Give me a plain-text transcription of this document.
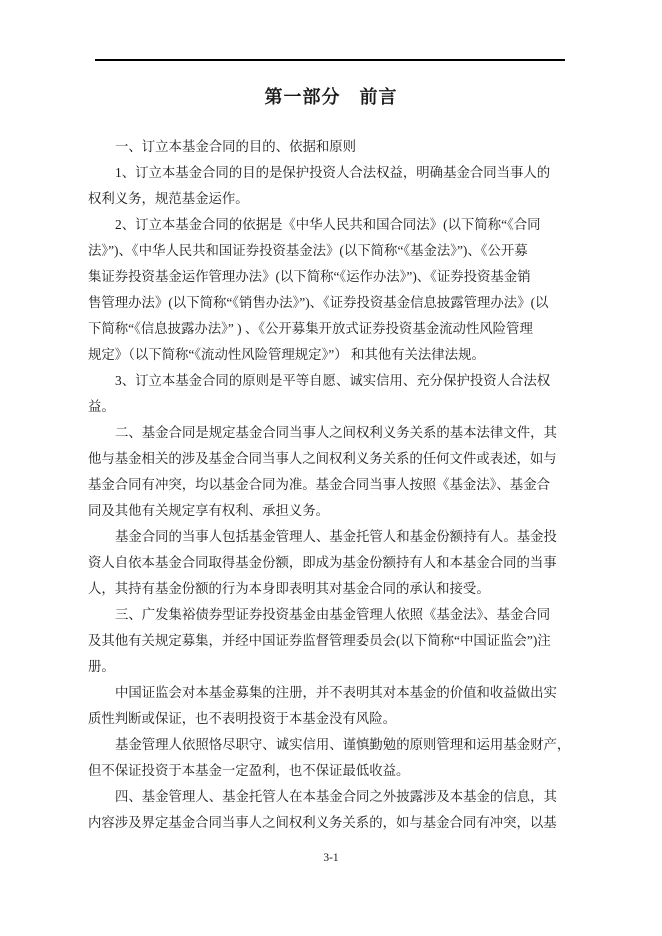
第一部分　前言
一、订立本基金合同的目的、依据和原则
1、订立本基金合同的目的是保护投资人合法权益，明确基金合同当事人的
权利义务，规范基金运作。
2、订立本基金合同的依据是《中华人民共和国合同法》(以下简称“《合同
法》”)、《中华人民共和国证券投资基金法》(以下简称“《基金法》”)、《公开募
集证券投资基金运作管理办法》(以下简称“《运作办法》”)、《证券投资基金销
售管理办法》(以下简称“《销售办法》”)、《证券投资基金信息披露管理办法》(以
下简称“《信息披露办法》” ) 、《公开募集开放式证券投资基金流动性风险管理
规定》（以下简称“《流动性风险管理规定》”） 和其他有关法律法规。
3、订立本基金合同的原则是平等自愿、诚实信用、充分保护投资人合法权
益。
二、基金合同是规定基金合同当事人之间权利义务关系的基本法律文件，其
他与基金相关的涉及基金合同当事人之间权利义务关系的任何文件或表述，如与
基金合同有冲突，均以基金合同为准。基金合同当事人按照《基金法》、基金合
同及其他有关规定享有权利、承担义务。
基金合同的当事人包括基金管理人、基金托管人和基金份额持有人。基金投
资人自依本基金合同取得基金份额，即成为基金份额持有人和本基金合同的当事
人，其持有基金份额的行为本身即表明其对基金合同的承认和接受。
三、广发集裕债券型证券投资基金由基金管理人依照《基金法》、基金合同
及其他有关规定募集，并经中国证券监督管理委员会(以下简称“中国证监会”)注
册。
中国证监会对本基金募集的注册，并不表明其对本基金的价值和收益做出实
质性判断或保证，也不表明投资于本基金没有风险。
基金管理人依照恪尽职守、诚实信用、谨慎勤勉的原则管理和运用基金财产，
但不保证投资于本基金一定盈利，也不保证最低收益。
四、基金管理人、基金托管人在本基金合同之外披露涉及本基金的信息，其
内容涉及界定基金合同当事人之间权利义务关系的，如与基金合同有冲突，以基
3-1
